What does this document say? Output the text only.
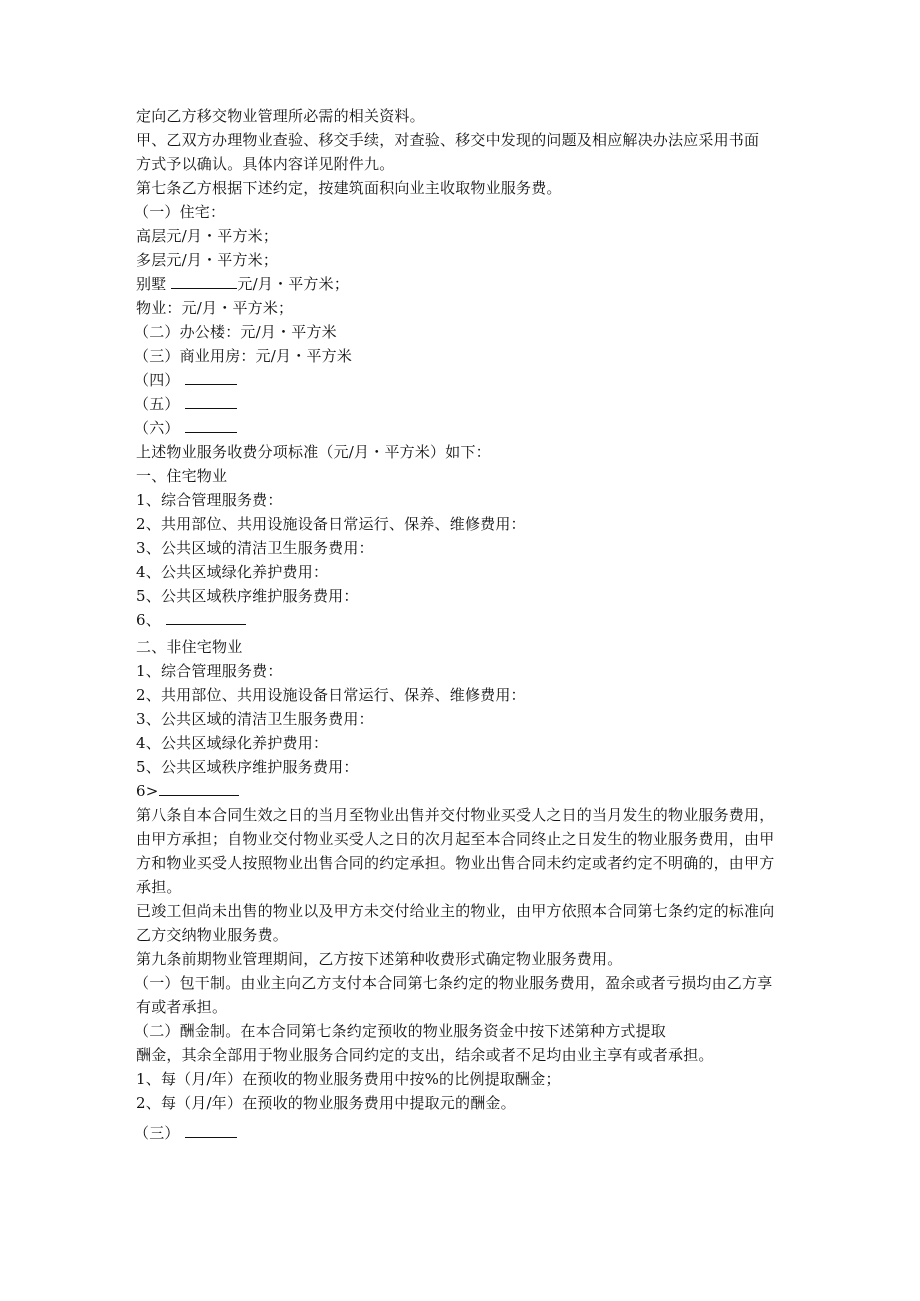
定向乙方移交物业管理所必需的相关资料。

甲、乙双方办理物业查验、移交手续，对查验、移交中发现的问题及相应解决办法应采用书面

方式予以确认。具体内容详见附件九。

第七条乙方根据下述约定，按建筑面积向业主收取物业服务费。

（一）住宅：

高层元/月・平方米；

多层元/月・平方米；

别墅	元/月・平方米；

物业：元/月・平方米；

（二）办公楼：元/月・平方米

（三）商业用房：元/月・平方米

（四）

（五）

（六）

上述物业服务收费分项标准（元/月・平方米）如下：

一、住宅物业

1、综合管理服务费：

2、共用部位、共用设施设备日常运行、保养、维修费用：

3、公共区域的清洁卫生服务费用：

4、公共区域绿化养护费用：

5、公共区域秩序维护服务费用：

6、

二、非住宅物业

1、综合管理服务费：

2、共用部位、共用设施设备日常运行、保养、维修费用：

3、公共区域的清洁卫生服务费用：

4、公共区域绿化养护费用：

5、公共区域秩序维护服务费用：

6>

第八条自本合同生效之日的当月至物业出售并交付物业买受人之日的当月发生的物业服务费用，

由甲方承担；自物业交付物业买受人之日的次月起至本合同终止之日发生的物业服务费用，由甲

方和物业买受人按照物业出售合同的约定承担。物业出售合同未约定或者约定不明确的，由甲方

承担。

已竣工但尚未出售的物业以及甲方未交付给业主的物业，由甲方依照本合同第七条约定的标准向

乙方交纳物业服务费。

第九条前期物业管理期间，乙方按下述第种收费形式确定物业服务费用。

（一）包干制。由业主向乙方支付本合同第七条约定的物业服务费用，盈余或者亏损均由乙方享

有或者承担。

（二）酬金制。在本合同第七条约定预收的物业服务资金中按下述第种方式提取

酬金，其余全部用于物业服务合同约定的支出，结余或者不足均由业主享有或者承担。

1、每（月/年）在预收的物业服务费用中按%的比例提取酬金；

2、每（月/年）在预收的物业服务费用中提取元的酬金。

（三）
